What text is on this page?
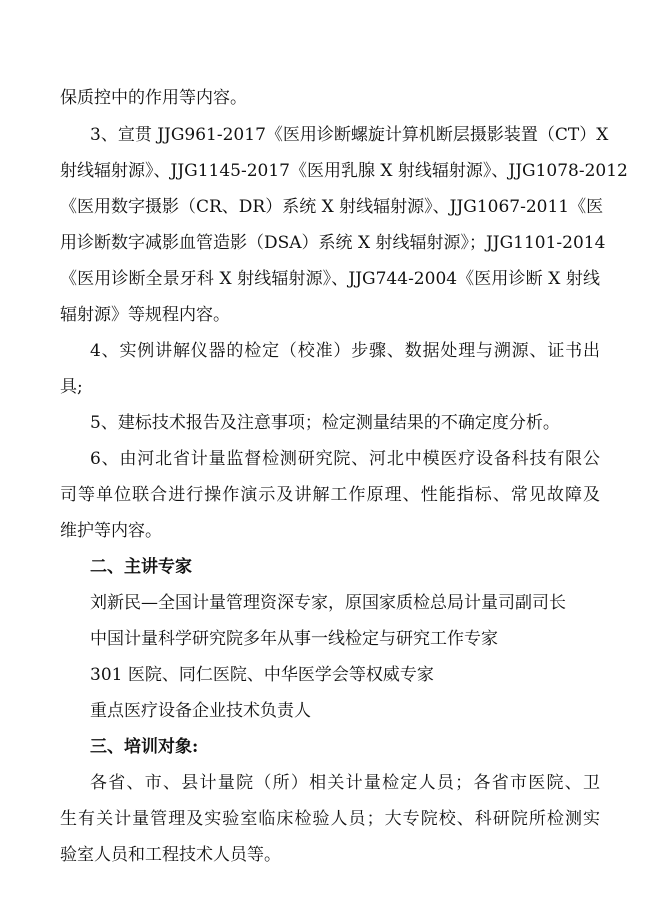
保质控中的作用等内容。
3、宣贯 JJG961-2017《医用诊断螺旋计算机断层摄影装置（CT）X
射线辐射源》、JJG1145-2017《医用乳腺 X 射线辐射源》、JJG1078-2012
《医用数字摄影（CR、DR）系统 X 射线辐射源》、JJG1067-2011《医
用诊断数字减影血管造影（DSA）系统 X 射线辐射源》；JJG1101-2014
《医用诊断全景牙科 X 射线辐射源》、JJG744-2004《医用诊断 X 射线
辐射源》等规程内容。
4、实例讲解仪器的检定（校准）步骤、数据处理与溯源、证书出
具;
5、建标技术报告及注意事项；检定测量结果的不确定度分析。
6、由河北省计量监督检测研究院、河北中模医疗设备科技有限公
司等单位联合进行操作演示及讲解工作原理、性能指标、常见故障及
维护等内容。
二、主讲专家
刘新民—全国计量管理资深专家，原国家质检总局计量司副司长
中国计量科学研究院多年从事一线检定与研究工作专家
301 医院、同仁医院、中华医学会等权威专家
重点医疗设备企业技术负责人
三、培训对象:
各省、市、县计量院（所）相关计量检定人员；各省市医院、卫
生有关计量管理及实验室临床检验人员；大专院校、科研院所检测实
验室人员和工程技术人员等。
